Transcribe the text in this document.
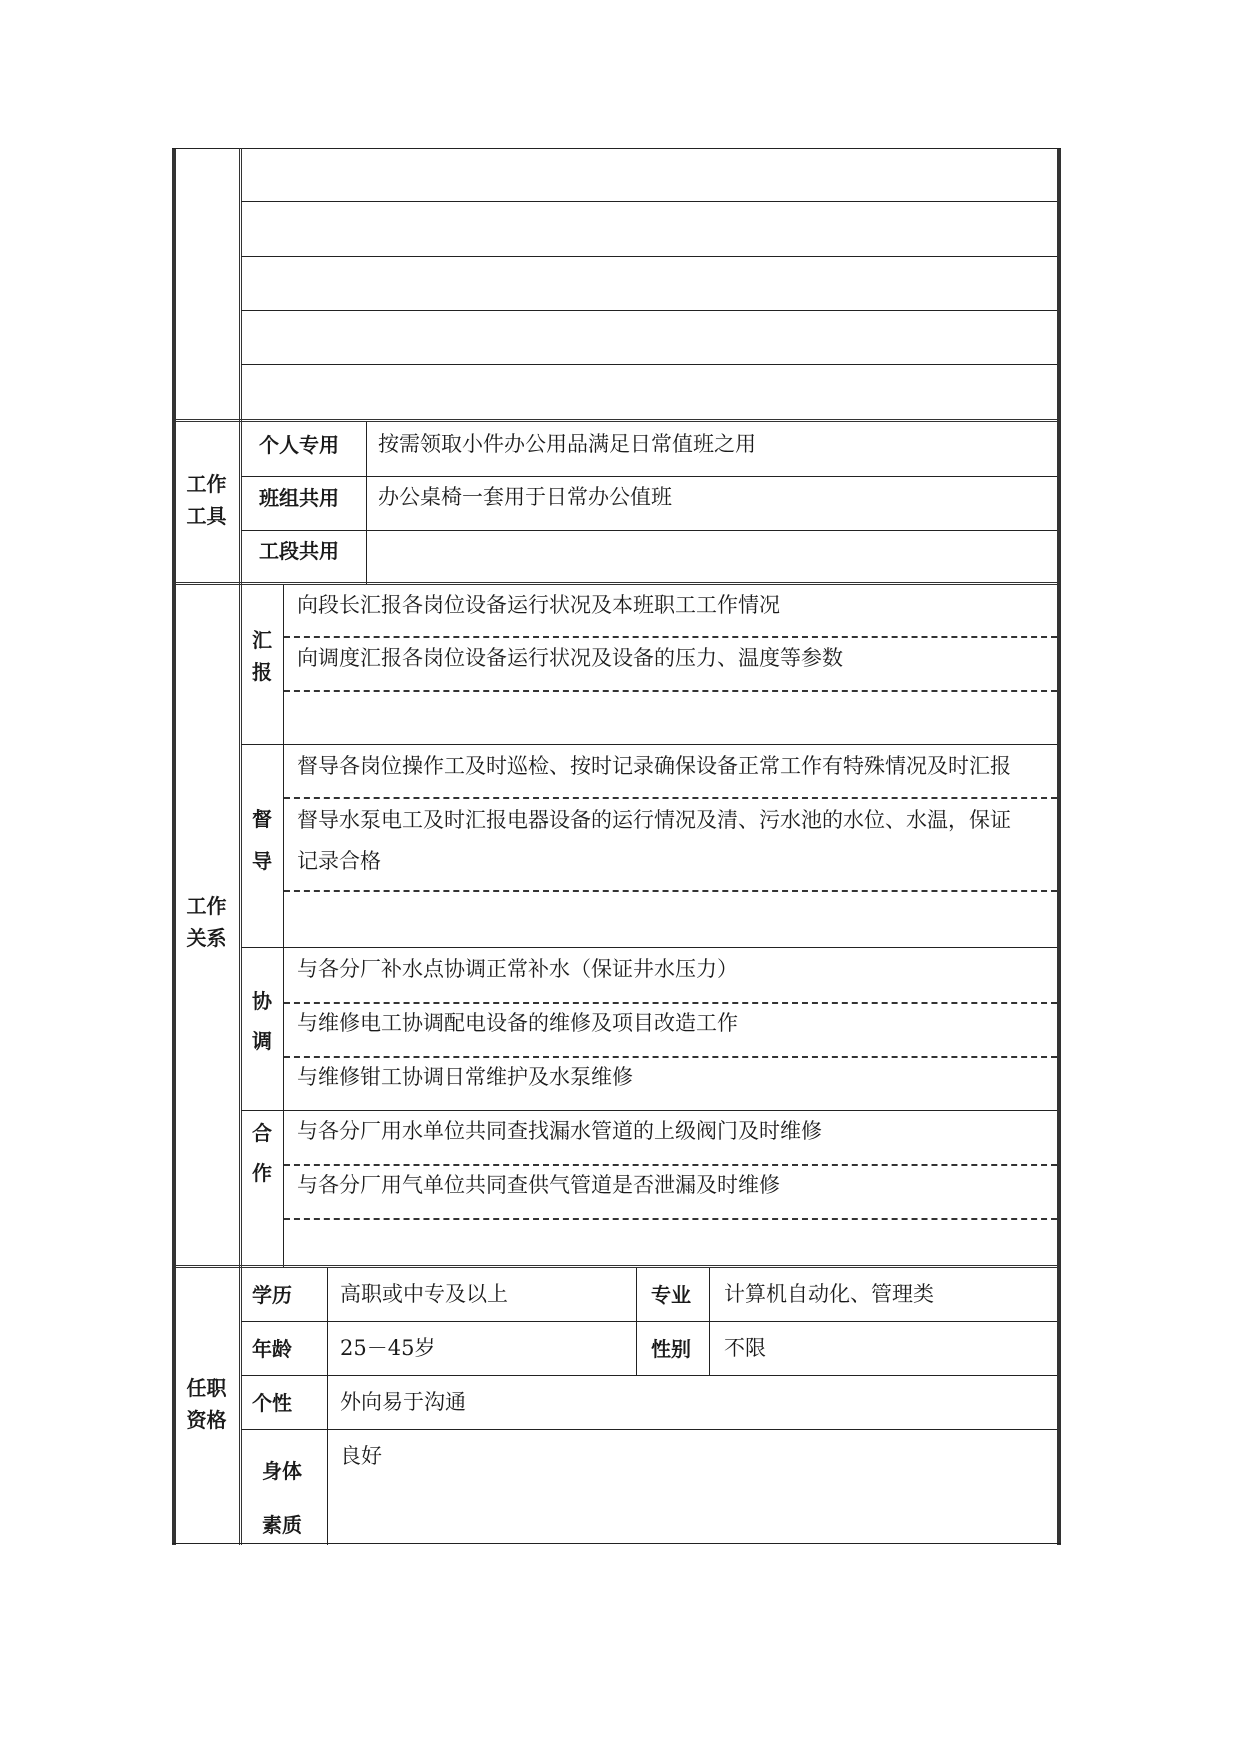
工作
工具
个人专用 按需领取小件办公用品满足日常值班之用
班组共用 办公桌椅一套用于日常办公值班
工段共用
工作
关系
汇
报
向段长汇报各岗位设备运行状况及本班职工工作情况
向调度汇报各岗位设备运行状况及设备的压力、温度等参数
督
导
督导各岗位操作工及时巡检、按时记录确保设备正常工作有特殊情况及时汇报
督导水泵电工及时汇报电器设备的运行情况及清、污水池的水位、水温，保证
记录合格
协
调
与各分厂补水点协调正常补水（保证井水压力）
与维修电工协调配电设备的维修及项目改造工作
与维修钳工协调日常维护及水泵维修
合
作
与各分厂用水单位共同查找漏水管道的上级阀门及时维修
与各分厂用气单位共同查供气管道是否泄漏及时维修
任职
资格
学历 高职或中专及以上	专业 计算机自动化、管理类
年龄 25－45岁	性别 不限
个性 外向易于沟通
身体
素质
良好
